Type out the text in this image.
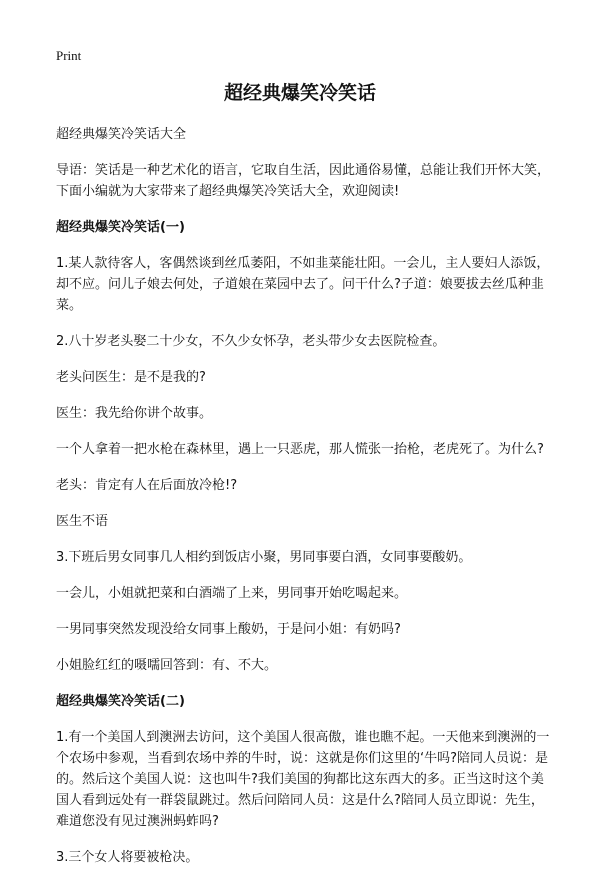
Print
超经典爆笑冷笑话

超经典爆笑冷笑话大全

导语：笑话是一种艺术化的语言，它取自生活，因此通俗易懂，总能让我们开怀大笑，下面小编就为大家带来了超经典爆笑冷笑话大全，欢迎阅读!

超经典爆笑冷笑话(一)

1.某人款待客人，客偶然谈到丝瓜萎阳，不如韭菜能壮阳。一会儿，主人要妇人添饭，却不应。问儿子娘去何处，子道娘在菜园中去了。问干什么?子道：娘要拔去丝瓜种韭菜。

2.八十岁老头娶二十少女，不久少女怀孕，老头带少女去医院检查。

老头问医生：是不是我的?

医生：我先给你讲个故事。

一个人拿着一把水枪在森林里，遇上一只恶虎，那人慌张一抬枪，老虎死了。为什么?

老头：肯定有人在后面放冷枪!?

医生不语

3.下班后男女同事几人相约到饭店小聚，男同事要白酒，女同事要酸奶。

一会儿，小姐就把菜和白酒端了上来，男同事开始吃喝起来。

一男同事突然发现没给女同事上酸奶，于是问小姐：有奶吗?

小姐脸红红的嗫嚅回答到：有、不大。

超经典爆笑冷笑话(二)

1.有一个美国人到澳洲去访问，这个美国人很高傲，谁也瞧不起。一天他来到澳洲的一个农场中参观，当看到农场中养的牛时，说：这就是你们这里的‘牛吗?陪同人员说：是的。然后这个美国人说：这也叫牛?我们美国的狗都比这东西大的多。正当这时这个美国人看到远处有一群袋鼠跳过。然后问陪同人员：这是什么?陪同人员立即说：先生，难道您没有见过澳洲蚂蚱吗?

3.三个女人将要被枪决。
